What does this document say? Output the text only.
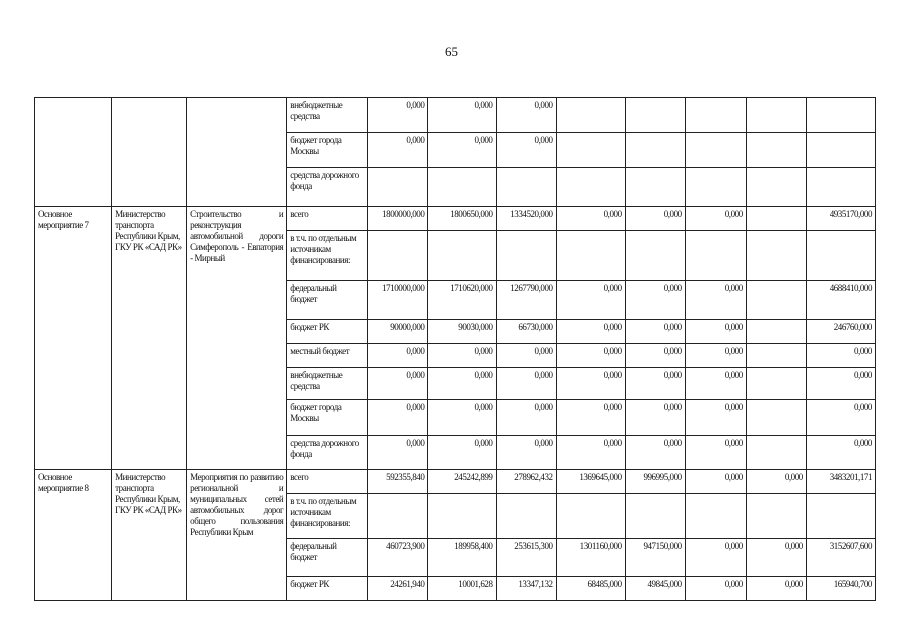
65
			внебюджетные средства	0,000	0,000	0,000					
			бюджет города Москвы	0,000	0,000	0,000					
			средства дорожного фонда								
Основное мероприятие 7	Министерство транспорта Республики Крым, ГКУ РК «САД РК»	Строительство и реконструкция автомобильной дороги Симферополь - Евпатория - Мирный	всего	1800000,000	1800650,000	1334520,000	0,000	0,000	0,000		4935170,000
			в т.ч. по отдельным источникам финансирования:								
			федеральный бюджет	1710000,000	1710620,000	1267790,000	0,000	0,000	0,000		4688410,000
			бюджет РК	90000,000	90030,000	66730,000	0,000	0,000	0,000		246760,000
			местный бюджет	0,000	0,000	0,000	0,000	0,000	0,000		0,000
			внебюджетные средства	0,000	0,000	0,000	0,000	0,000	0,000		0,000
			бюджет города Москвы	0,000	0,000	0,000	0,000	0,000	0,000		0,000
			средства дорожного фонда	0,000	0,000	0,000	0,000	0,000	0,000		0,000
Основное мероприятие 8	Министерство транспорта Республики Крым, ГКУ РК «САД РК»	Мероприятия по развитию региональной и муниципальных сетей автомобильных дорог общего пользования Республики Крым	всего	592355,840	245242,899	278962,432	1369645,000	996995,000	0,000	0,000	3483201,171
			в т.ч. по отдельным источникам финансирования:								
			федеральный бюджет	460723,900	189958,400	253615,300	1301160,000	947150,000	0,000	0,000	3152607,600
			бюджет РК	24261,940	10001,628	13347,132	68485,000	49845,000	0,000	0,000	165940,700
